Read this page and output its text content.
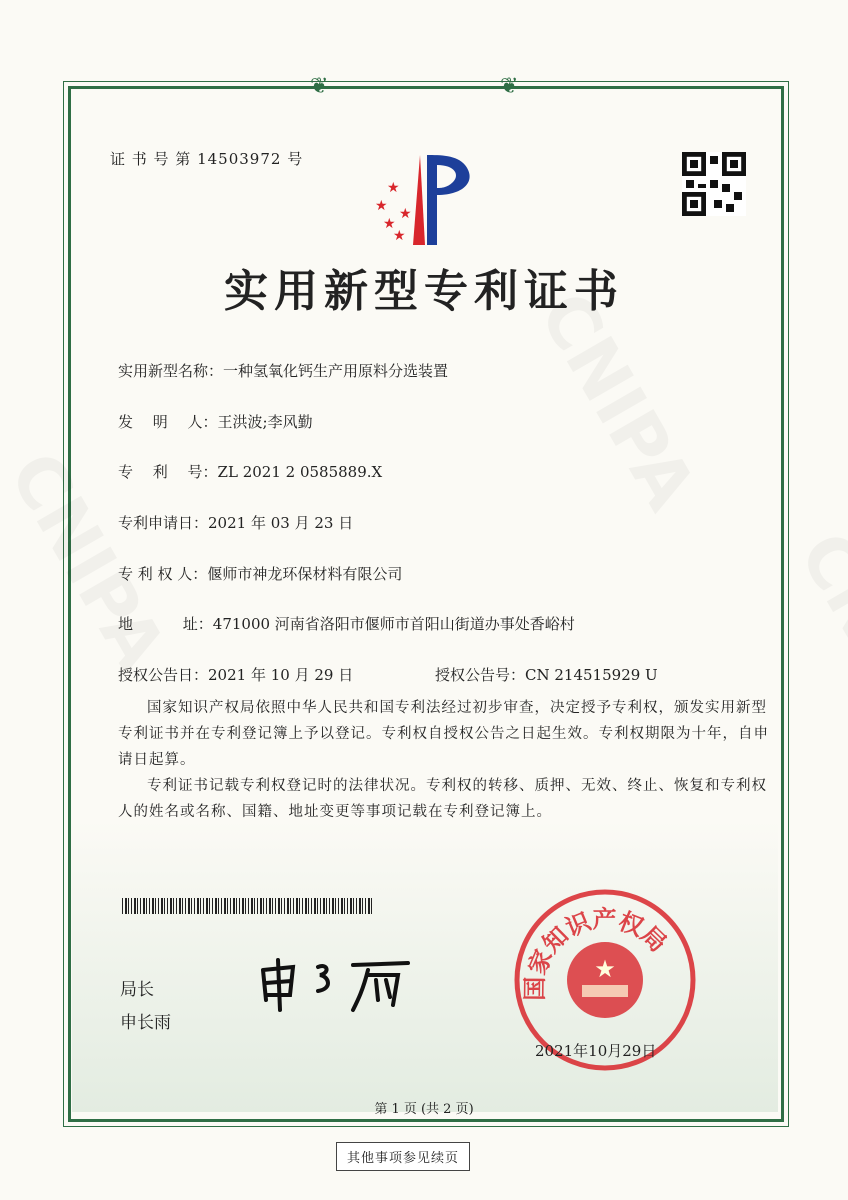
❦	❦
证 书 号 第 14503972 号
★
★
★
★
★
实用新型专利证书
实用新型名称：一种氢氧化钙生产用原料分选装置
发　 明　 人：王洪波;李风勤
专　 利　 号：ZL 2021 2 0585889.X
专利申请日：2021 年 03 月 23 日
专 利 权 人：偃师市神龙环保材料有限公司
地　　　 址：471000 河南省洛阳市偃师市首阳山街道办事处香峪村
授权公告日：2021 年 10 月 29 日	授权公告号：CN 214515929 U
国家知识产权局依照中华人民共和国专利法经过初步审查，决定授予专利权，颁发实用新型专利证书并在专利登记簿上予以登记。专利权自授权公告之日起生效。专利权期限为十年，自申请日起算。
专利证书记载专利权登记时的法律状况。专利权的转移、质押、无效、终止、恢复和专利权人的姓名或名称、国籍、地址变更等事项记载在专利登记簿上。
局长
申长雨
国家知识产权局
★
2021年10月29日
第 1 页 (共 2 页)
其他事项参见续页
